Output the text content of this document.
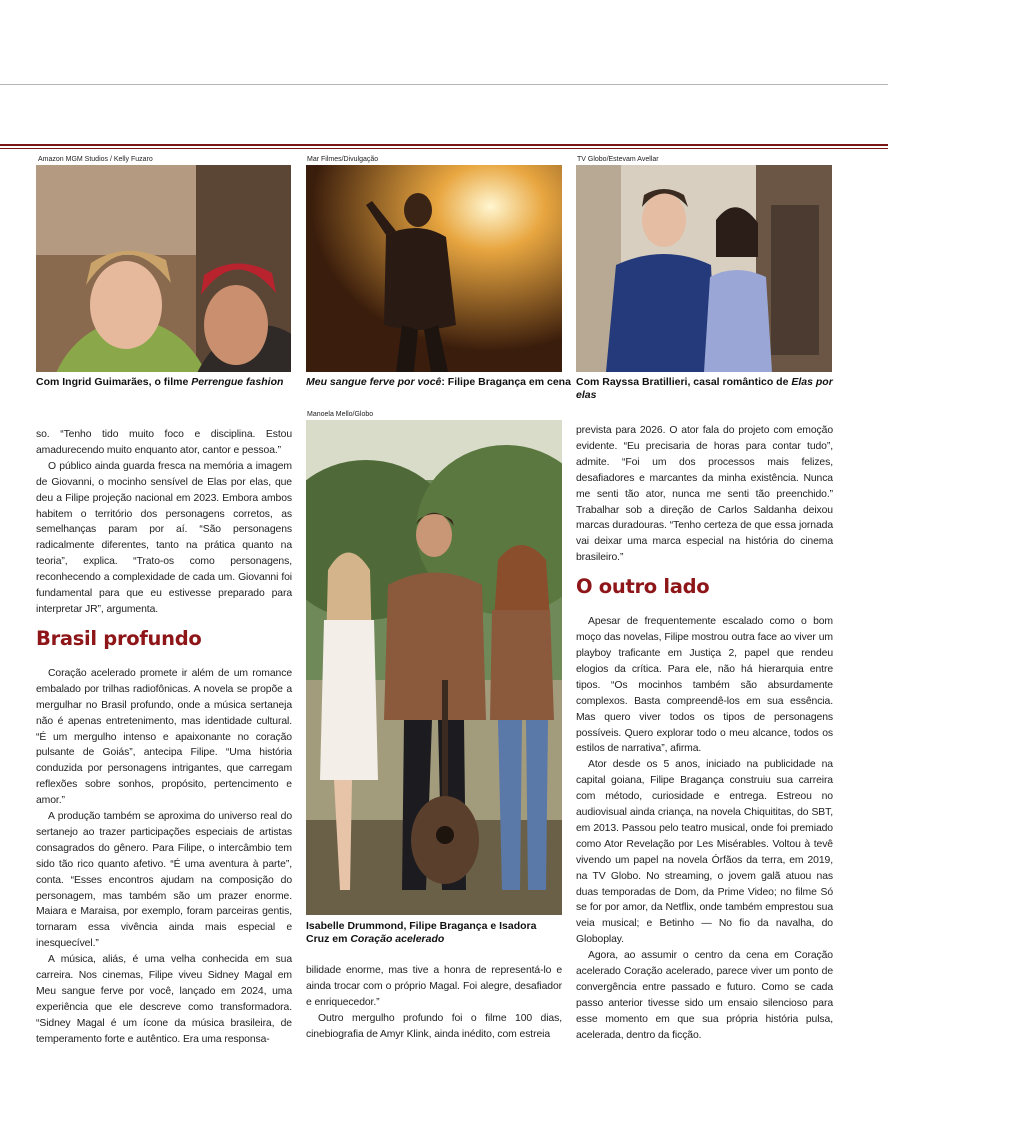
Amazon MGM Studios / Kelly Fuzaro
Com Ingrid Guimarães, o filme Perrengue fashion
Mar Filmes/Divulgação
Meu sangue ferve por você: Filipe Bragança em cena
TV Globo/Estevam Avellar
Com Rayssa Bratillieri, casal romântico de Elas por elas
Manoela Mello/Globo
Isabelle Drummond, Filipe Bragança e Isadora Cruz em Coração acelerado

so. “Tenho tido muito foco e disciplina. Estou amadurecendo muito enquanto ator, cantor e pessoa.”

O público ainda guarda fresca na memória a imagem de Giovanni, o mocinho sensível de Elas por elas, que deu a Filipe projeção nacional em 2023. Embora ambos habitem o território dos personagens corretos, as semelhanças param por aí. “São personagens radicalmente diferentes, tanto na prática quanto na teoria”, explica. “Trato-os como personagens, reconhecendo a complexidade de cada um. Giovanni foi fundamental para que eu estivesse preparado para interpretar JR”, argumenta.

Brasil profundo

Coração acelerado promete ir além de um romance embalado por trilhas radiofônicas. A novela se propõe a mergulhar no Brasil profundo, onde a música sertaneja não é apenas entretenimento, mas identidade cultural. “É um mergulho intenso e apaixonante no coração pulsante de Goiás”, antecipa Filipe. “Uma história conduzida por personagens intrigantes, que carregam reflexões sobre sonhos, propósito, pertencimento e amor.”

A produção também se aproxima do universo real do sertanejo ao trazer participações especiais de artistas consagrados do gênero. Para Filipe, o intercâmbio tem sido tão rico quanto afetivo. “É uma aventura à parte”, conta. “Esses encontros ajudam na composição do personagem, mas também são um prazer enorme. Maiara e Maraisa, por exemplo, foram parceiras gentis, tornaram essa vivência ainda mais especial e inesquecível.”

A música, aliás, é uma velha conhecida em sua carreira. Nos cinemas, Filipe viveu Sidney Magal em Meu sangue ferve por você, lançado em 2024, uma experiência que ele descreve como transformadora. “Sidney Magal é um ícone da música brasileira, de temperamento forte e autêntico. Era uma responsa-

bilidade enorme, mas tive a honra de representá-lo e ainda trocar com o próprio Magal. Foi alegre, desafiador e enriquecedor.”

Outro mergulho profundo foi o filme 100 dias, cinebiografia de Amyr Klink, ainda inédito, com estreia

prevista para 2026. O ator fala do projeto com emoção evidente. “Eu precisaria de horas para contar tudo”, admite. “Foi um dos processos mais felizes, desafiadores e marcantes da minha existência. Nunca me senti tão ator, nunca me senti tão preenchido.” Trabalhar sob a direção de Carlos Saldanha deixou marcas duradouras. “Tenho certeza de que essa jornada vai deixar uma marca especial na história do cinema brasileiro.”

O outro lado

Apesar de frequentemente escalado como o bom moço das novelas, Filipe mostrou outra face ao viver um playboy traficante em Justiça 2, papel que rendeu elogios da crítica. Para ele, não há hierarquia entre tipos. “Os mocinhos também são absurdamente complexos. Basta compreendê-los em sua essência. Mas quero viver todos os tipos de personagens possíveis. Quero explorar todo o meu alcance, todos os estilos de narrativa”, afirma.

Ator desde os 5 anos, iniciado na publicidade na capital goiana, Filipe Bragança construiu sua carreira com método, curiosidade e entrega. Estreou no audiovisual ainda criança, na novela Chiquititas, do SBT, em 2013. Passou pelo teatro musical, onde foi premiado como Ator Revelação por Les Misérables. Voltou à tevê vivendo um papel na novela Órfãos da terra, em 2019, na TV Globo. No streaming, o jovem galã atuou nas duas temporadas de Dom, da Prime Video; no filme Só se for por amor, da Netflix, onde também emprestou sua veia musical; e Betinho — No fio da navalha, do Globoplay.

Agora, ao assumir o centro da cena em Coração acelerado Coração acelerado, parece viver um ponto de convergência entre passado e futuro. Como se cada passo anterior tivesse sido um ensaio silencioso para esse momento em que sua própria história pulsa, acelerada, dentro da ficção.
